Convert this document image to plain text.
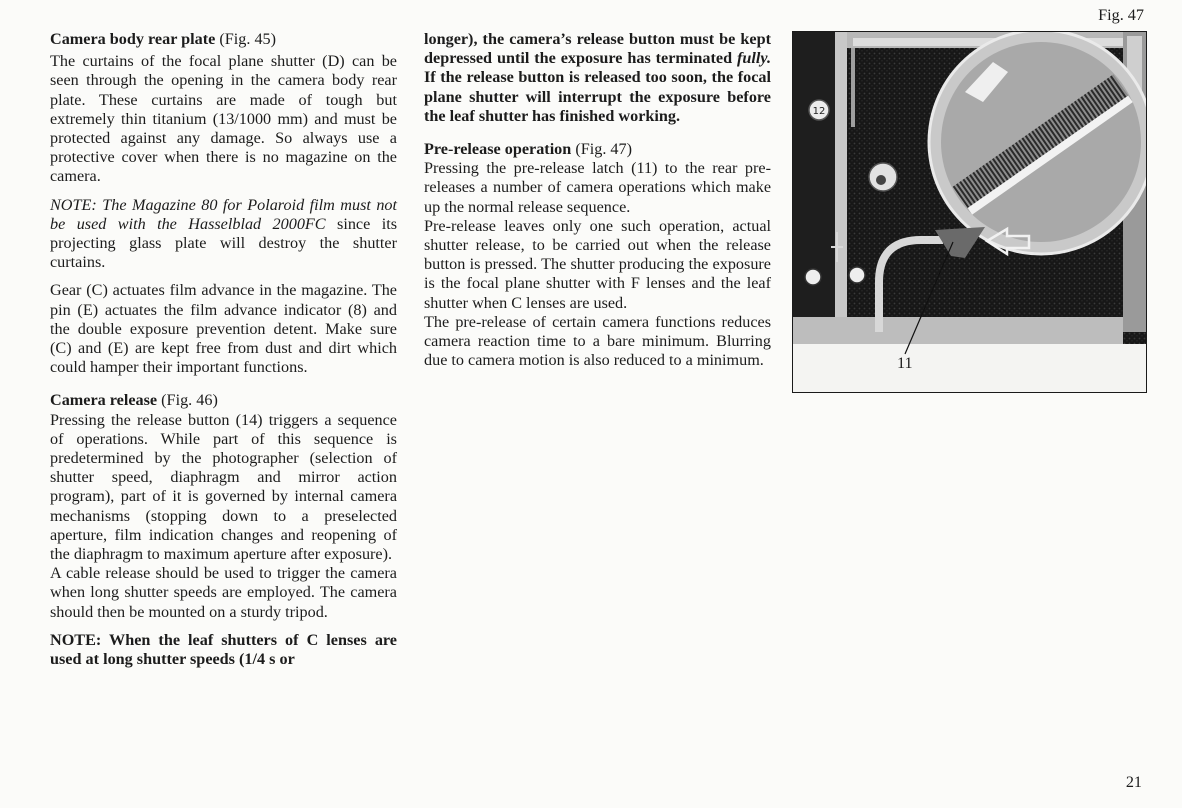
Camera body rear plate (Fig. 45)

The curtains of the focal plane shutter (D) can be seen through the opening in the camera body rear plate. These curtains are made of tough but extremely thin titanium (13/1000 mm) and must be protected against any damage. So always use a protective cover when there is no magazine on the camera.

NOTE: The Magazine 80 for Polaroid film must not be used with the Hasselblad 2000FC since its projecting glass plate will destroy the shutter curtains.

Gear (C) actuates film advance in the magazine. The pin (E) actuates the film advance indicator (8) and the double exposure prevention detent. Make sure (C) and (E) are kept free from dust and dirt which could hamper their important functions.

Camera release (Fig. 46)

Pressing the release button (14) triggers a sequence of operations. While part of this sequence is predetermined by the photographer (selection of shutter speed, diaphragm and mirror action program), part of it is governed by internal camera mechanisms (stopping down to a preselected aperture, film indication changes and reopening of the diaphragm to maximum aperture after exposure).

A cable release should be used to trigger the camera when long shutter speeds are employed. The camera should then be mounted on a sturdy tripod.

NOTE: When the leaf shutters of C lenses are used at long shutter speeds (1/4 s or

longer), the camera’s release button must be kept depressed until the exposure has terminated fully. If the release button is released too soon, the focal plane shutter will interrupt the exposure before the leaf shutter has finished working.

Pre-release operation (Fig. 47)

Pressing the pre-release latch (11) to the rear pre-releases a number of camera operations which make up the normal release sequence.

Pre-release leaves only one such operation, actual shutter release, to be carried out when the release button is pressed. The shutter producing the exposure is the focal plane shutter with F lenses and the leaf shutter when C lenses are used.

The pre-release of certain camera functions reduces camera reaction time to a bare minimum. Blurring due to camera motion is also reduced to a minimum.

Fig. 47
12
11
21
